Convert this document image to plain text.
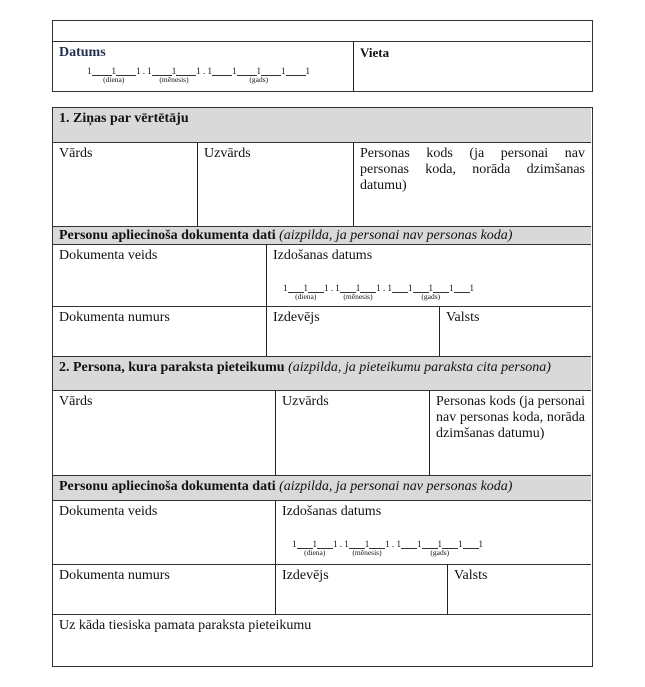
Datums
1 1 1
(diena)
. 1 1 1
(mēnesis)
. 1 1 1 1 1
(gads)
Vieta
1. Ziņas par vērtētāju
Vārds	Uzvārds	Personas kods (ja personai nav personas koda, norāda dzimšanas datumu)
Personu apliecinoša dokumenta dati (aizpilda, ja personai nav personas koda)
Dokumenta veids	Izdošanas datums
1 1 1
(diena)
. 1 1 1
(mēnesis)
. 1 1 1 1 1
(gads)
Dokumenta numurs	Izdevējs	Valsts
2. Persona, kura paraksta pieteikumu (aizpilda, ja pieteikumu paraksta cita persona)
Vārds	Uzvārds	Personas kods (ja personai nav personas koda, norāda dzimšanas datumu)
Personu apliecinoša dokumenta dati (aizpilda, ja personai nav personas koda)
Dokumenta veids	Izdošanas datums
1 1 1
(diena)
. 1 1 1
(mēnesis)
. 1 1 1 1 1
(gads)
Dokumenta numurs	Izdevējs	Valsts
Uz kāda tiesiska pamata paraksta pieteikumu
